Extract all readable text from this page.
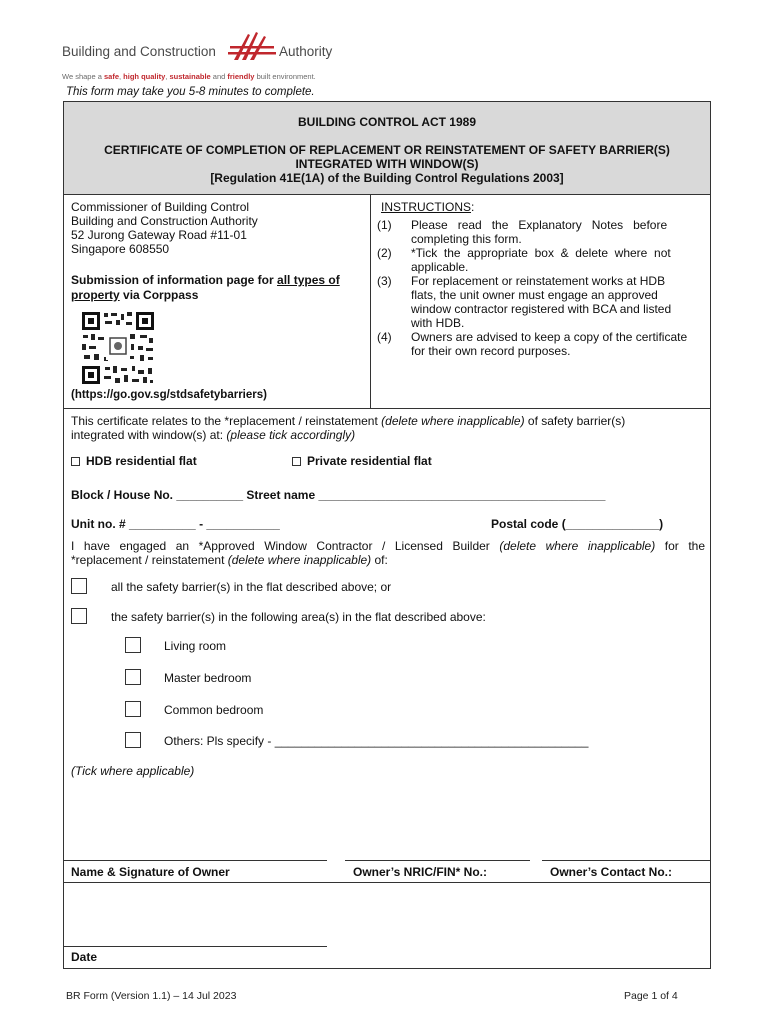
Building and Construction	Authority
We shape a safe, high quality, sustainable and friendly built environment.
This form may take you 5-8 minutes to complete.
BUILDING CONTROL ACT 1989
CERTIFICATE OF COMPLETION OF REPLACEMENT OR REINSTATEMENT OF SAFETY BARRIER(S)
INTEGRATED WITH WINDOW(S)
[Regulation 41E(1A) of the Building Control Regulations 2003]
Commissioner of Building Control
Building and Construction Authority
52 Jurong Gateway Road #11-01
Singapore 608550
Submission of information page for all types of
property via Corppass
(https://go.gov.sg/stdsafetybarriers)
INSTRUCTIONS:
(1) Please   read   the   Explanatory   Notes   before
completing this form.
(2) *Tick  the  appropriate  box  &  delete  where  not
applicable.
(3) For replacement or reinstatement works at HDB
flats, the unit owner must engage an approved
window contractor registered with BCA and listed
with HDB.
(4) Owners are advised to keep a copy of the certificate
for their own record purposes.
This certificate relates to the *replacement / reinstatement (delete where inapplicable) of safety barrier(s)
integrated with window(s) at: (please tick accordingly)
HDB residential flat	Private residential flat
Block / House No. __________ Street name ___________________________________________
Unit no. # __________ - ___________	Postal code (______________)
I have engaged an *Approved Window Contractor / Licensed Builder (delete where inapplicable) for the
*replacement / reinstatement (delete where inapplicable) of:
all the safety barrier(s) in the flat described above; or
the safety barrier(s) in the following area(s) in the flat described above:
Living room
Master bedroom
Common bedroom
Others: Pls specify - _______________________________________________
(Tick where applicable)
Name & Signature of Owner	Owner’s NRIC/FIN* No.:	Owner’s Contact No.:
Date
BR Form (Version 1.1) – 14 Jul 2023	Page 1 of 4
